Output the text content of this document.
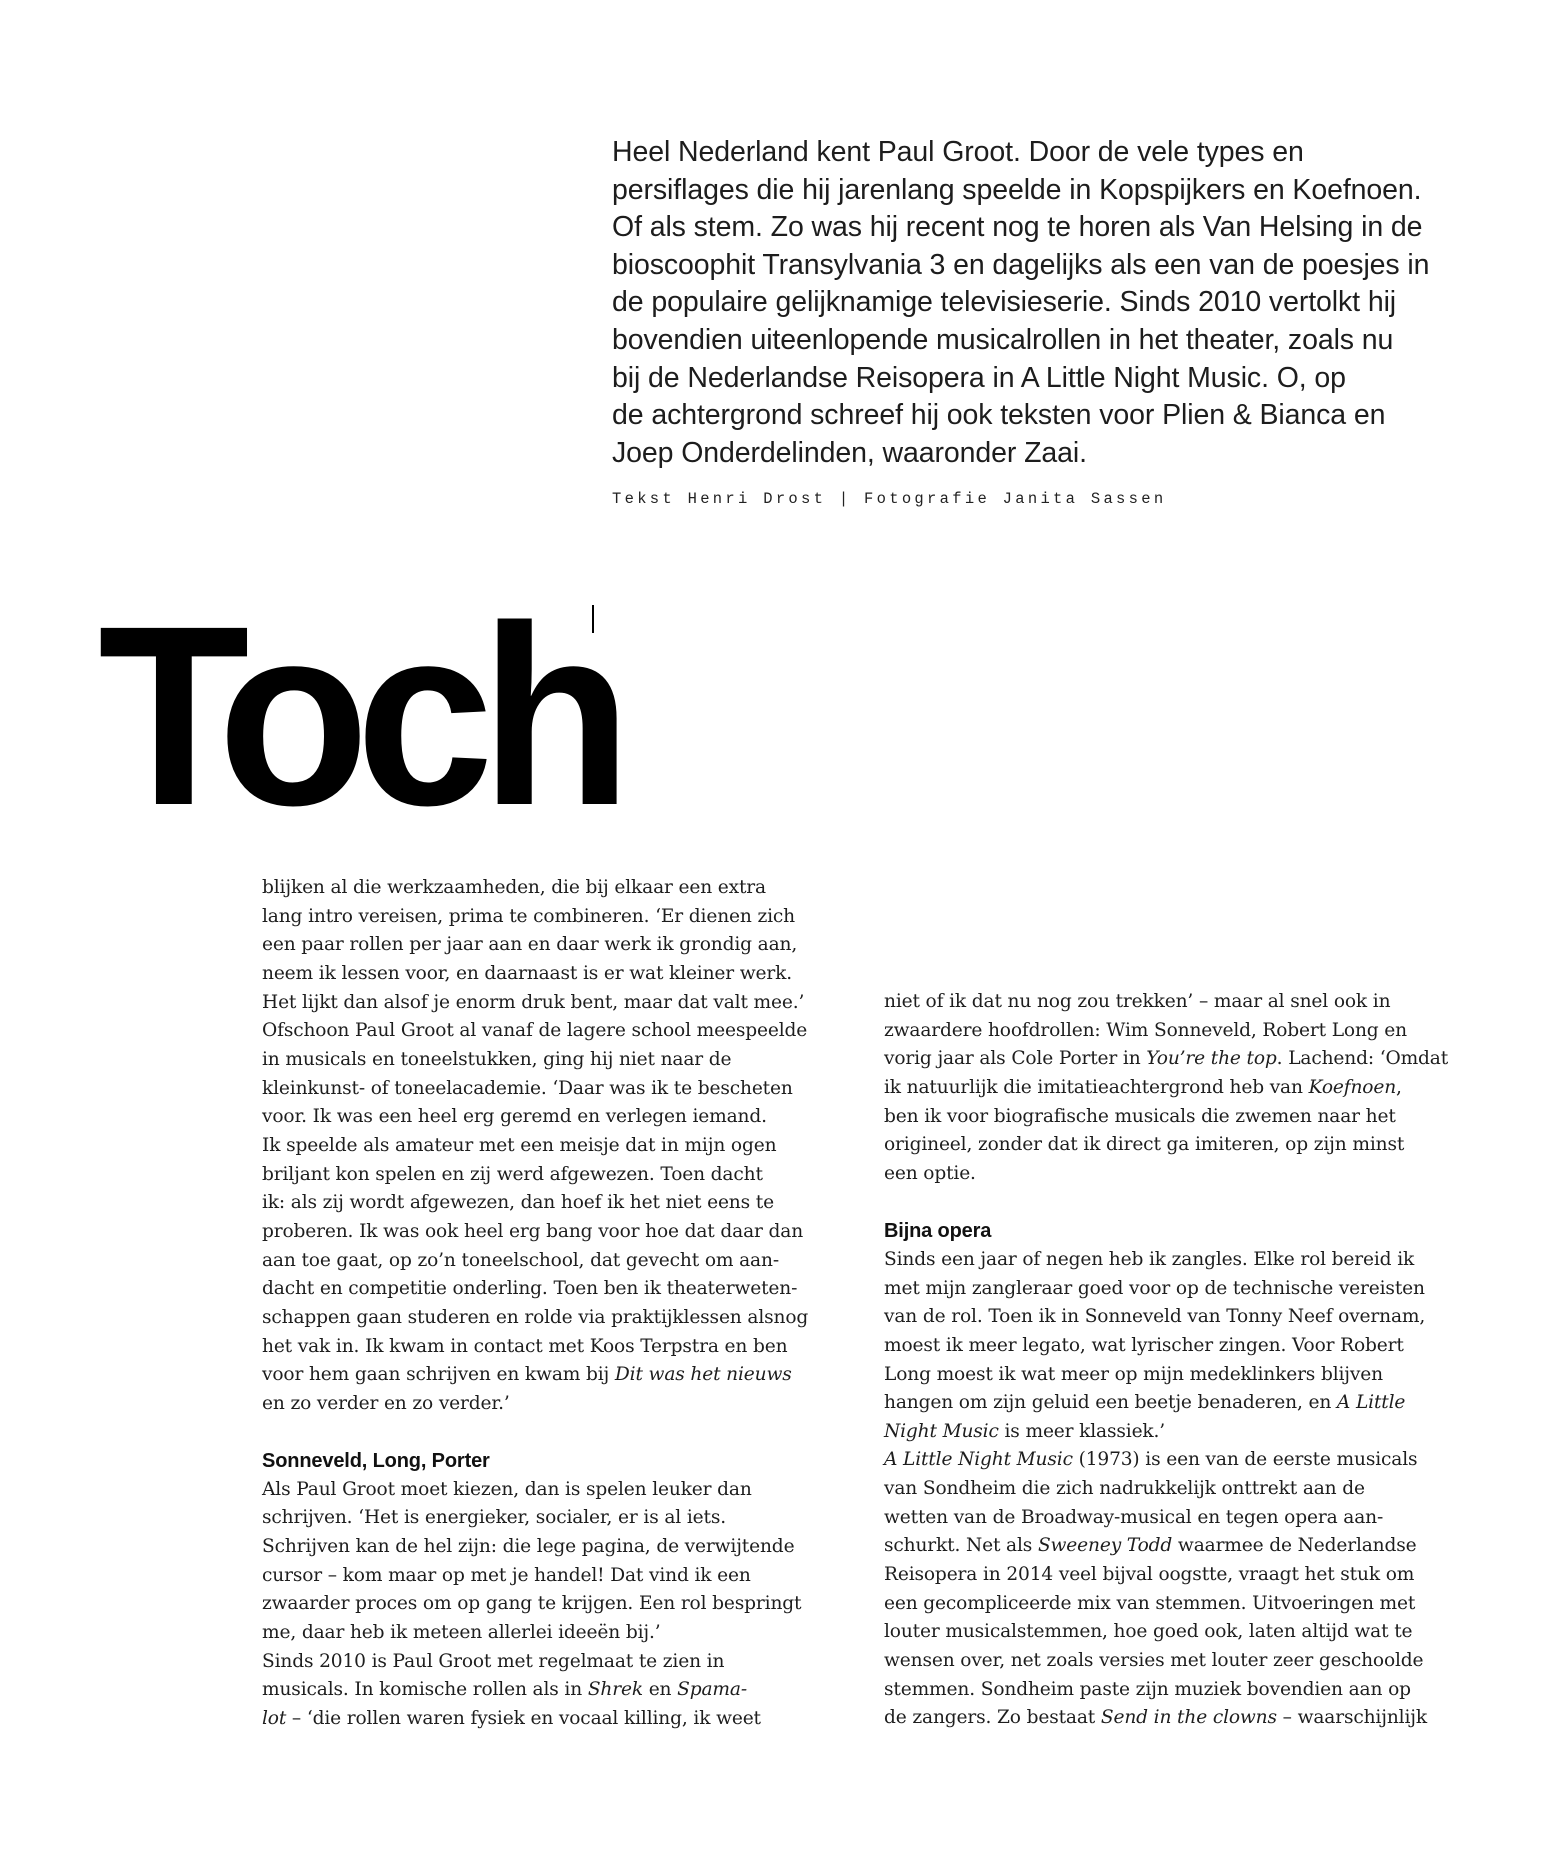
Heel Nederland kent Paul Groot. Door de vele types en

persiflages die hij jarenlang speelde in Kopspijkers en Koefnoen.

Of als stem. Zo was hij recent nog te horen als Van Helsing in de

bioscoophit Transylvania 3 en dagelijks als een van de poesjes in

de populaire gelijknamige televisieserie. Sinds 2010 vertolkt hij

bovendien uiteenlopende musicalrollen in het theater, zoals nu

bij de Nederlandse Reisopera in A Little Night Music. O, op

de achtergrond schreef hij ook teksten voor Plien & Bianca en

Joep Onderdelinden, waaronder Zaai.

Tekst Henri Drost | Fotografie Janita Sassen
Toch
blijken al die werkzaamheden, die bij elkaar een extra
lang intro vereisen, prima te combineren. ‘Er dienen zich
een paar rollen per jaar aan en daar werk ik grondig aan,
neem ik lessen voor, en daarnaast is er wat kleiner werk.
Het lijkt dan alsof je enorm druk bent, maar dat valt mee.’
Ofschoon Paul Groot al vanaf de lagere school meespeelde
in musicals en toneelstukken, ging hij niet naar de
kleinkunst- of toneelacademie. ‘Daar was ik te bescheten
voor. Ik was een heel erg geremd en verlegen iemand.
Ik speelde als amateur met een meisje dat in mijn ogen
briljant kon spelen en zij werd afgewezen. Toen dacht
ik: als zij wordt afgewezen, dan hoef ik het niet eens te
proberen. Ik was ook heel erg bang voor hoe dat daar dan
aan toe gaat, op zo’n toneelschool, dat gevecht om aan-
dacht en competitie onderling. Toen ben ik theaterweten-
schappen gaan studeren en rolde via praktijklessen alsnog
het vak in. Ik kwam in contact met Koos Terpstra en ben
voor hem gaan schrijven en kwam bij Dit was het nieuws
en zo verder en zo verder.’
Sonneveld, Long, Porter
Als Paul Groot moet kiezen, dan is spelen leuker dan
schrijven. ‘Het is energieker, socialer, er is al iets.
Schrijven kan de hel zijn: die lege pagina, de verwijtende
cursor – kom maar op met je handel! Dat vind ik een
zwaarder proces om op gang te krijgen. Een rol bespringt
me, daar heb ik meteen allerlei ideeën bij.’
Sinds 2010 is Paul Groot met regelmaat te zien in
musicals. In komische rollen als in Shrek en Spama-
lot – ‘die rollen waren fysiek en vocaal killing, ik weet
niet of ik dat nu nog zou trekken’ – maar al snel ook in
zwaardere hoofdrollen: Wim Sonneveld, Robert Long en
vorig jaar als Cole Porter in You’re the top. Lachend: ‘Omdat
ik natuurlijk die imitatieachtergrond heb van Koefnoen,
ben ik voor biografische musicals die zwemen naar het
origineel, zonder dat ik direct ga imiteren, op zijn minst
een optie.
Bijna opera
Sinds een jaar of negen heb ik zangles. Elke rol bereid ik
met mijn zangleraar goed voor op de technische vereisten
van de rol. Toen ik in Sonneveld van Tonny Neef overnam,
moest ik meer legato, wat lyrischer zingen. Voor Robert
Long moest ik wat meer op mijn medeklinkers blijven
hangen om zijn geluid een beetje benaderen, en A Little
Night Music is meer klassiek.’
A Little Night Music (1973) is een van de eerste musicals
van Sondheim die zich nadrukkelijk onttrekt aan de
wetten van de Broadway-musical en tegen opera aan-
schurkt. Net als Sweeney Todd waarmee de Nederlandse
Reisopera in 2014 veel bijval oogstte, vraagt het stuk om
een gecompliceerde mix van stemmen. Uitvoeringen met
louter musicalstemmen, hoe goed ook, laten altijd wat te
wensen over, net zoals versies met louter zeer geschoolde
stemmen. Sondheim paste zijn muziek bovendien aan op
de zangers. Zo bestaat Send in the clowns – waarschijnlijk
